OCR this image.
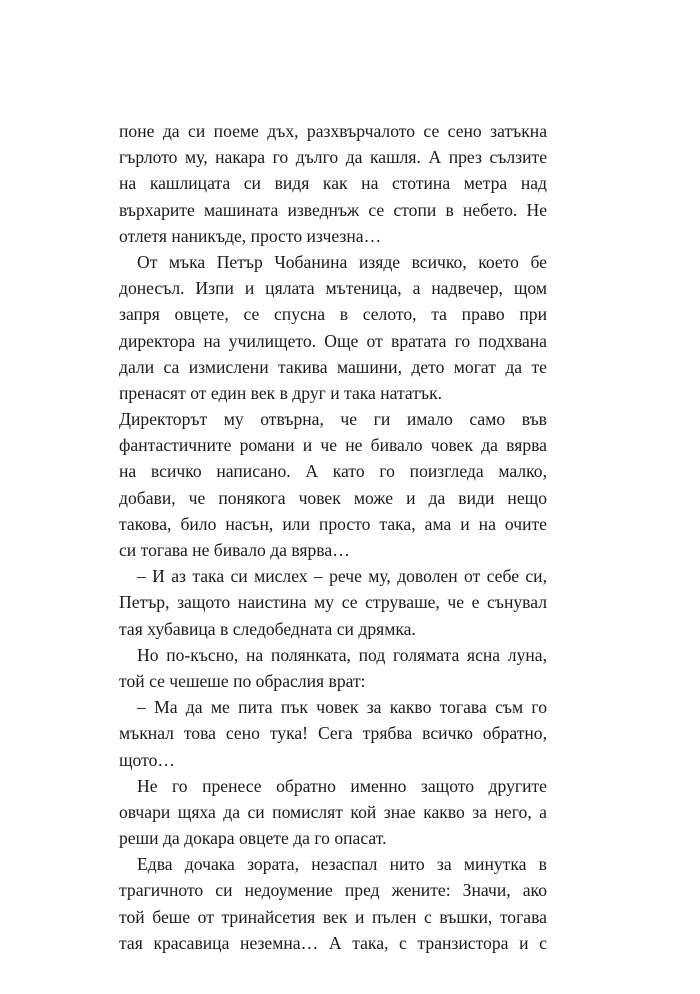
поне да си поеме дъх, разхвърчалото се сено затъкна
гърлото му, накара го дълго да кашля. А през сълзите
на кашлицата си видя как на стотина метра над
върхарите машината изведнъж се стопи в небето. Не
отлетя наникъде, просто изчезна…
От мъка Петър Чобанина изяде всичко, което бе
донесъл. Изпи и цялата мътеница, а надвечер, щом
запря овцете, се спусна в селото, та право при
директора на училището. Още от вратата го подхвана
дали са измислени такива машини, дето могат да те
пренасят от един век в друг и така нататък.
Директорът му отвърна, че ги имало само във
фантастичните романи и че не бивало човек да вярва
на всичко написано. А като го поизгледа малко,
добави, че понякога човек може и да види нещо
такова, било насън, или просто така, ама и на очите
си тогава не бивало да вярва…
– И аз така си мислех – рече му, доволен от себе си,
Петър, защото наистина му се струваше, че е сънувал
тая хубавица в следобедната си дрямка.
Но по-късно, на полянката, под голямата ясна луна,
той се чешеше по обраслия врат:
– Ма да ме пита пък човек за какво тогава съм го
мъкнал това сено тука! Сега трябва всичко обратно,
щото…
Не го пренесе обратно именно защото другите
овчари щяха да си помислят кой знае какво за него, а
реши да докара овцете да го опасат.
Едва дочака зората, незаспал нито за минутка в
трагичното си недоумение пред жените: Значи, ако
той беше от тринайсетия век и пълен с въшки, тогава
тая красавица неземна… А така, с транзистора и с
